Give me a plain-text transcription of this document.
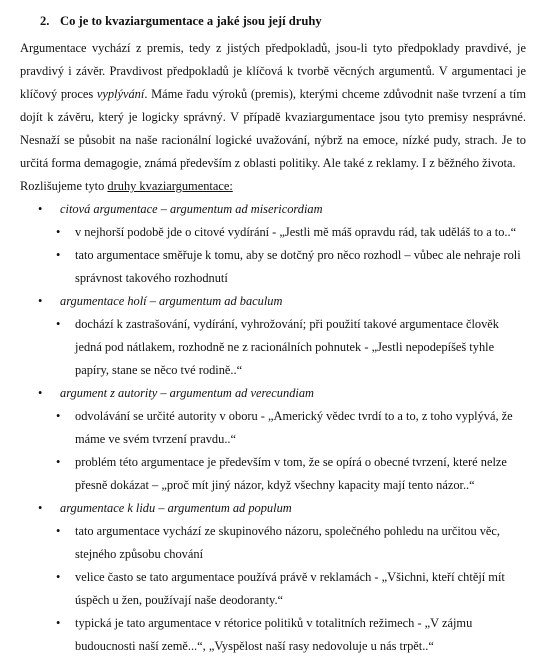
2. Co je to kvaziargumentace a jaké jsou její druhy

Argumentace vychází z premis, tedy z jistých předpokladů, jsou-li tyto předpoklady pravdivé, je pravdivý i závěr. Pravdivost předpokladů je klíčová k tvorbě věcných argumentů. V argumentaci je klíčový proces vyplývání. Máme řadu výroků (premis), kterými chceme zdůvodnit naše tvrzení a tím dojít k závěru, který je logicky správný. V případě kvaziargumentace jsou tyto premisy nesprávné. Nesnaží se působit na naše racionální logické uvažování, nýbrž na emoce, nízké pudy, strach. Je to určitá forma demagogie, známá především z oblasti politiky. Ale také z reklamy. I z běžného života.

Rozlišujeme tyto druhy kvaziargumentace:

• citová argumentace – argumentum ad misericordiam
• v nejhorší podobě jde o citové vydírání - „Jestli mě máš opravdu rád, tak uděláš to a to..“
• tato argumentace směřuje k tomu, aby se dotčný pro něco rozhodl – vůbec ale nehraje roli správnost takového rozhodnutí
• argumentace holí – argumentum ad baculum
• dochází k zastrašování, vydírání, vyhrožování; při použití takové argumentace člověk jedná pod nátlakem, rozhodně ne z racionálních pohnutek - „Jestli nepodepíšeš tyhle papíry, stane se něco tvé rodině..“
• argument z autority – argumentum ad verecundiam
• odvolávání se určité autority v oboru - „Americký vědec tvrdí to a to, z toho vyplývá, že máme ve svém tvrzení pravdu..“
• problém této argumentace je především v tom, že se opírá o obecné tvrzení, které nelze přesně dokázat – „proč mít jiný názor, když všechny kapacity mají tento názor..“
• argumentace k lidu – argumentum ad populum
• tato argumentace vychází ze skupinového názoru, společného pohledu na určitou věc, stejného způsobu chování
• velice často se tato argumentace používá právě v reklamách - „Všichni, kteří chtějí mít úspěch u žen, používají naše deodoranty.“
• typická je tato argumentace v rétorice politiků v totalitních režimech - „V zájmu budoucnosti naší země...“, „Vyspělost naší rasy nedovoluje u nás trpět..“
